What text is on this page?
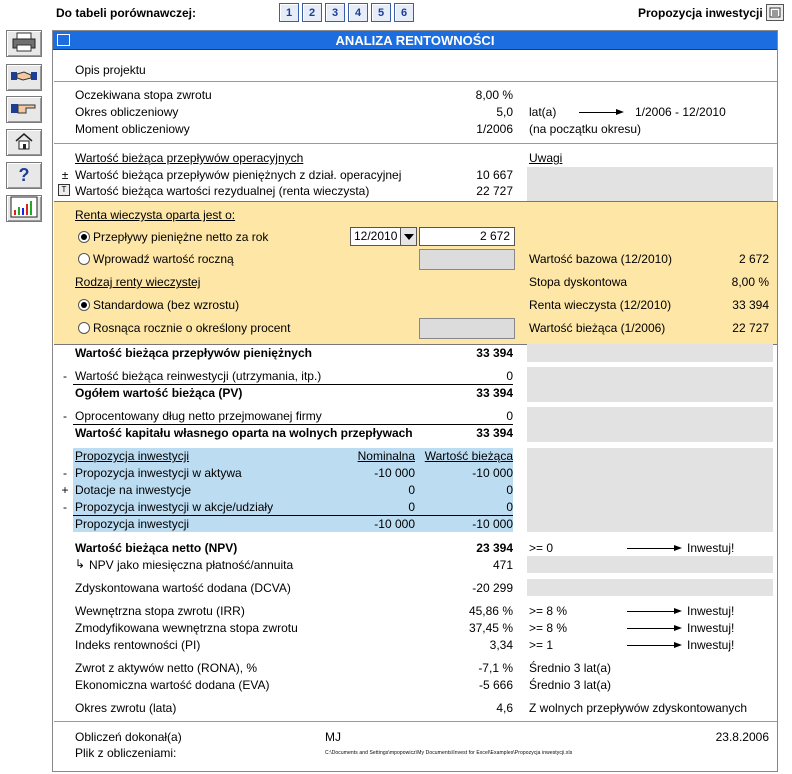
Do tabeli porównawczej:	1	2	3	4	5	6	Propozycja inwestycji
?
ANALIZA RENTOWNOŚCI
Opis projektu
Oczekiwana stopa zwrotu	8,00 %
Okres obliczeniowy	5,0 lat(a)	1/2006 - 12/2010
Moment obliczeniowy	1/2006 (na początku okresu)
Wartość bieżąca przepływów operacyjnych	Uwagi
± Wartość bieżąca przepływów pieniężnych z dział. operacyjnej	10 667
T Wartość bieżąca wartości rezydualnej (renta wieczysta)	22 727
Renta wieczysta oparta jest o:
Przepływy pieniężne netto za rok	12/2010	2 672
Wprowadź wartość roczną
Rodzaj renty wieczystej
Standardowa (bez wzrostu)
Rosnąca rocznie o określony procent
Wartość bazowa (12/2010)	2 672
Stopa dyskontowa	8,00 %
Renta wieczysta (12/2010)	33 394
Wartość bieżąca (1/2006)	22 727
Wartość bieżąca przepływów pieniężnych	33 394
- Wartość bieżąca reinwestycji (utrzymania, itp.)	0
Ogółem wartość bieżąca (PV)	33 394
- Oprocentowany dług netto przejmowanej firmy	0
Wartość kapitału własnego oparta na wolnych przepływach	33 394
Propozycja inwestycji	Nominalna Wartość bieżąca
- Propozycja inwestycji w aktywa	-10 000	-10 000
+ Dotacje na inwestycje	0	0
- Propozycja inwestycji w akcje/udziały	0	0
Propozycja inwestycji	-10 000	-10 000
Wartość bieżąca netto (NPV)	23 394 >= 0	Inwestuj!
↳ NPV jako miesięczna płatność/annuita	471
Zdyskontowana wartość dodana (DCVA)	-20 299
Wewnętrzna stopa zwrotu (IRR)	45,86 % >= 8 %	Inwestuj!
Zmodyfikowana wewnętrzna stopa zwrotu	37,45 % >= 8 %	Inwestuj!
Indeks rentowności (PI)	3,34 >= 1	Inwestuj!
Zwrot z aktywów netto (RONA), %	-7,1 % Średnio 3 lat(a)
Ekonomiczna wartość dodana (EVA)	-5 666 Średnio 3 lat(a)
Okres zwrotu (lata)	4,6 Z wolnych przepływów zdyskontowanych
Obliczeń dokonał(a)	MJ	23.8.2006
Plik z obliczeniami:	C:\Documents and Settings\mpopowicz\My Documents\Invest for Excel\Examples\Propozycja inwestycji.xls
